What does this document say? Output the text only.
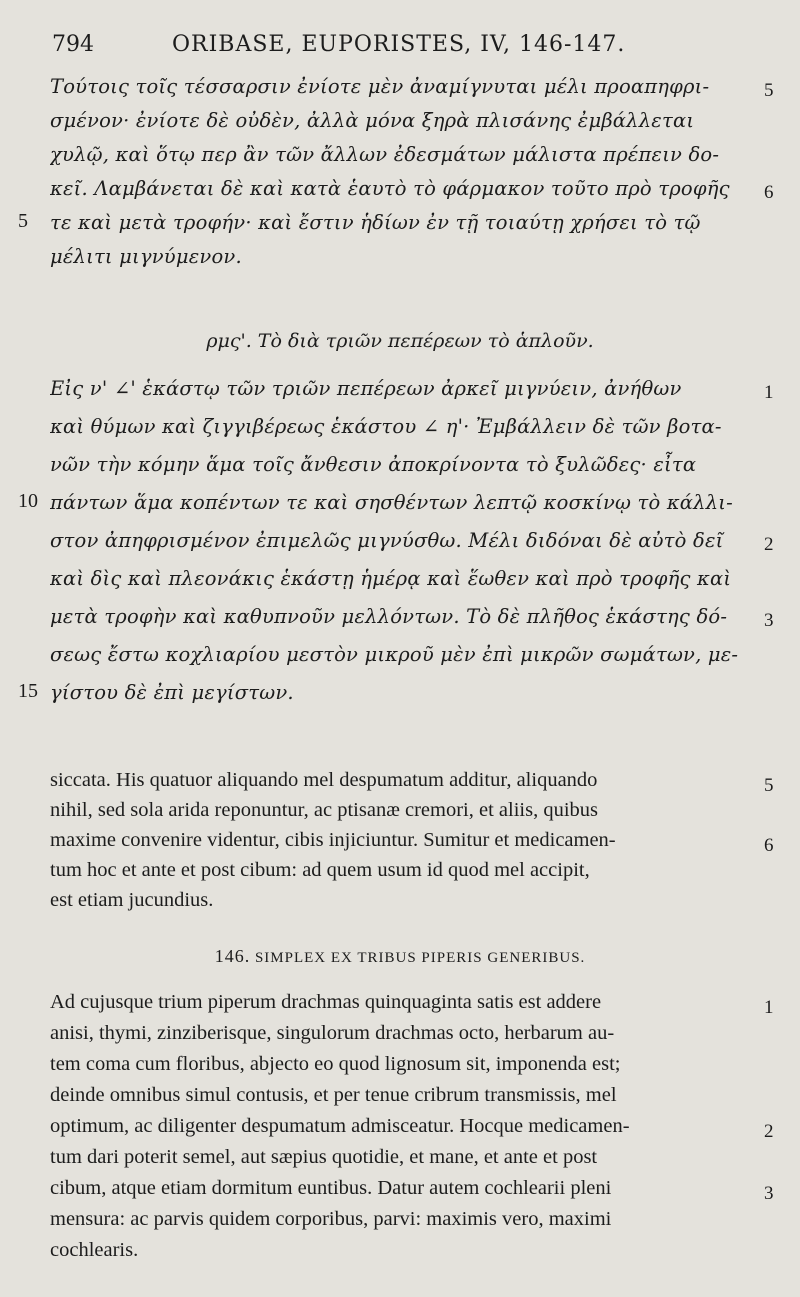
794	ORIBASE, EUPORISTES, IV, 146-147.
Τούτοις τοῖς τέσσαρσιν ἐνίοτε μὲν ἀναμίγνυται μέλι προαπηφρι-	5
σμένον· ἐνίοτε δὲ οὐδὲν, ἀλλὰ μόνα ξηρὰ πλισάνης ἐμβάλλεται
χυλῷ, καὶ ὅτῳ περ ἂν τῶν ἄλλων ἐδεσμάτων μάλιστα πρέπειν δο-
κεῖ. Λαμβάνεται δὲ καὶ κατὰ ἑαυτὸ τὸ φάρμακον τοῦτο πρὸ τροφῆς	6
τε καὶ μετὰ τροφήν· καὶ ἔστιν ἡδίων ἐν τῇ τοιαύτῃ χρήσει τὸ τῷ
5
μέλιτι μιγνύμενον.
ρμς'. Τὸ διὰ τριῶν πεπέρεων τὸ ἁπλοῦν.
Εἰς ν' ∠' ἑκάστῳ τῶν τριῶν πεπέρεων ἀρκεῖ μιγνύειν, ἀνήθων	1
καὶ θύμων καὶ ζιγγιβέρεως ἑκάστου ∠ η'· Ἐμβάλλειν δὲ τῶν βοτα-
νῶν τὴν κόμην ἅμα τοῖς ἄνθεσιν ἀποκρίνοντα τὸ ξυλῶδες· εἶτα
πάντων ἅμα κοπέντων τε καὶ σησθέντων λεπτῷ κοσκίνῳ τὸ κάλλι-
10
στον ἀπηφρισμένον ἐπιμελῶς μιγνύσθω. Μέλι διδόναι δὲ αὐτὸ δεῖ	2
καὶ δὶς καὶ πλεονάκις ἑκάστῃ ἡμέρᾳ καὶ ἕωθεν καὶ πρὸ τροφῆς καὶ
μετὰ τροφὴν καὶ καθυπνοῦν μελλόντων. Τὸ δὲ πλῆθος ἑκάστης δό-	3
σεως ἔστω κοχλιαρίου μεστὸν μικροῦ μὲν ἐπὶ μικρῶν σωμάτων, με-
γίστου δὲ ἐπὶ μεγίστων.
15
siccata. His quatuor aliquando mel despumatum additur, aliquando	5
nihil, sed sola arida reponuntur, ac ptisanæ cremori, et aliis, quibus
maxime convenire videntur, cibis injiciuntur. Sumitur et medicamen-	6
tum hoc et ante et post cibum: ad quem usum id quod mel accipit,
est etiam jucundius.
146. SIMPLEX EX TRIBUS PIPERIS GENERIBUS.
Ad cujusque trium piperum drachmas quinquaginta satis est addere	1
anisi, thymi, zinziberisque, singulorum drachmas octo, herbarum au-
tem coma cum floribus, abjecto eo quod lignosum sit, imponenda est;
deinde omnibus simul contusis, et per tenue cribrum transmissis, mel
optimum, ac diligenter despumatum admisceatur. Hocque medicamen-	2
tum dari poterit semel, aut sæpius quotidie, et mane, et ante et post
cibum, atque etiam dormitum euntibus. Datur autem cochlearii pleni	3
mensura: ac parvis quidem corporibus, parvi: maximis vero, maximi
cochlearis.
